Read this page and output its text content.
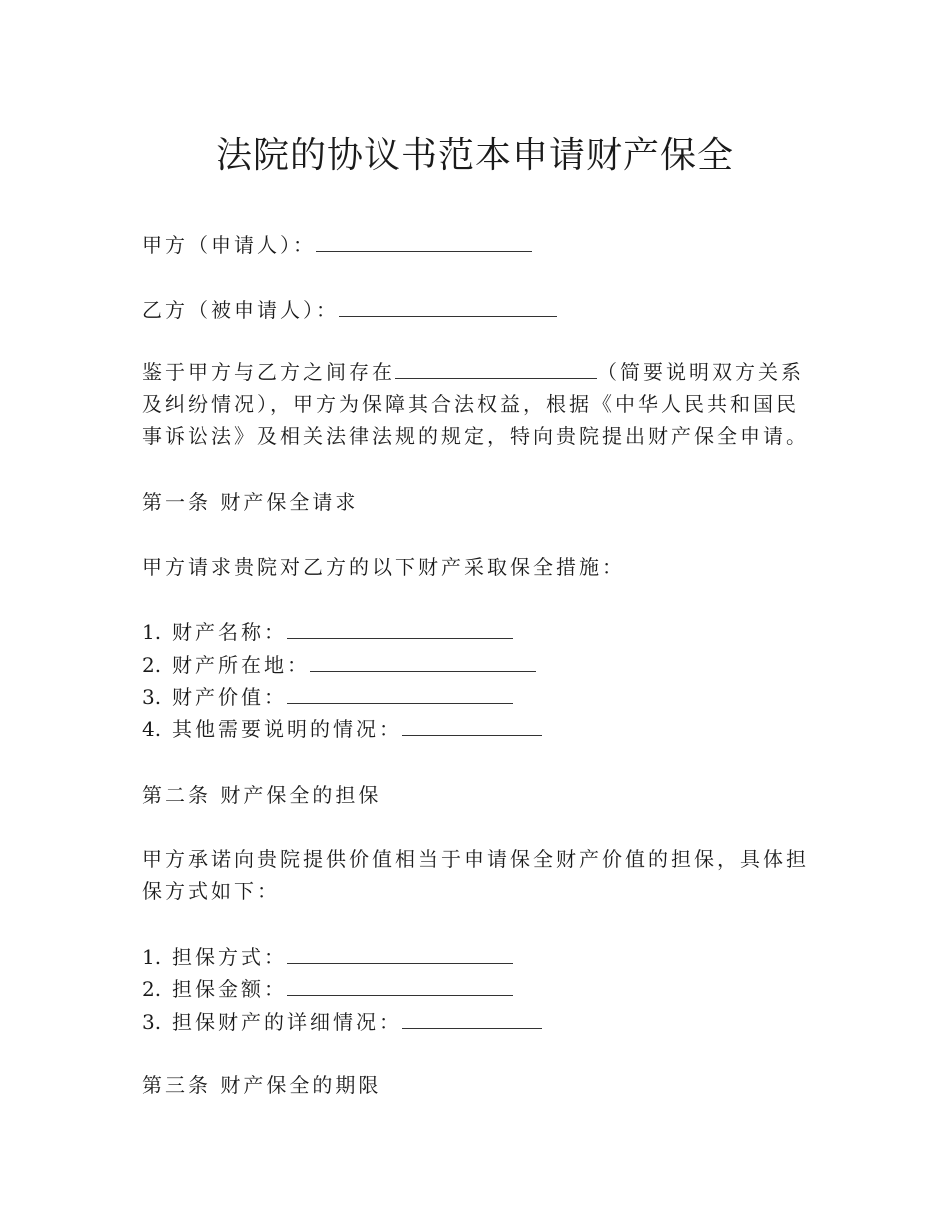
法院的协议书范本申请财产保全

甲方（申请人）：

乙方（被申请人）：

鉴于甲方与乙方之间存在	（简要说明双方关系及纠纷情况），甲方为保障其合法权益，根据《中华人民共和国民事诉讼法》及相关法律法规的规定，特向贵院提出财产保全申请。

第一条 财产保全请求

甲方请求贵院对乙方的以下财产采取保全措施：

1. 财产名称：

2. 财产所在地：

3. 财产价值：

4. 其他需要说明的情况：

第二条 财产保全的担保

甲方承诺向贵院提供价值相当于申请保全财产价值的担保，具体担保方式如下：

1. 担保方式：

2. 担保金额：

3. 担保财产的详细情况：

第三条 财产保全的期限
